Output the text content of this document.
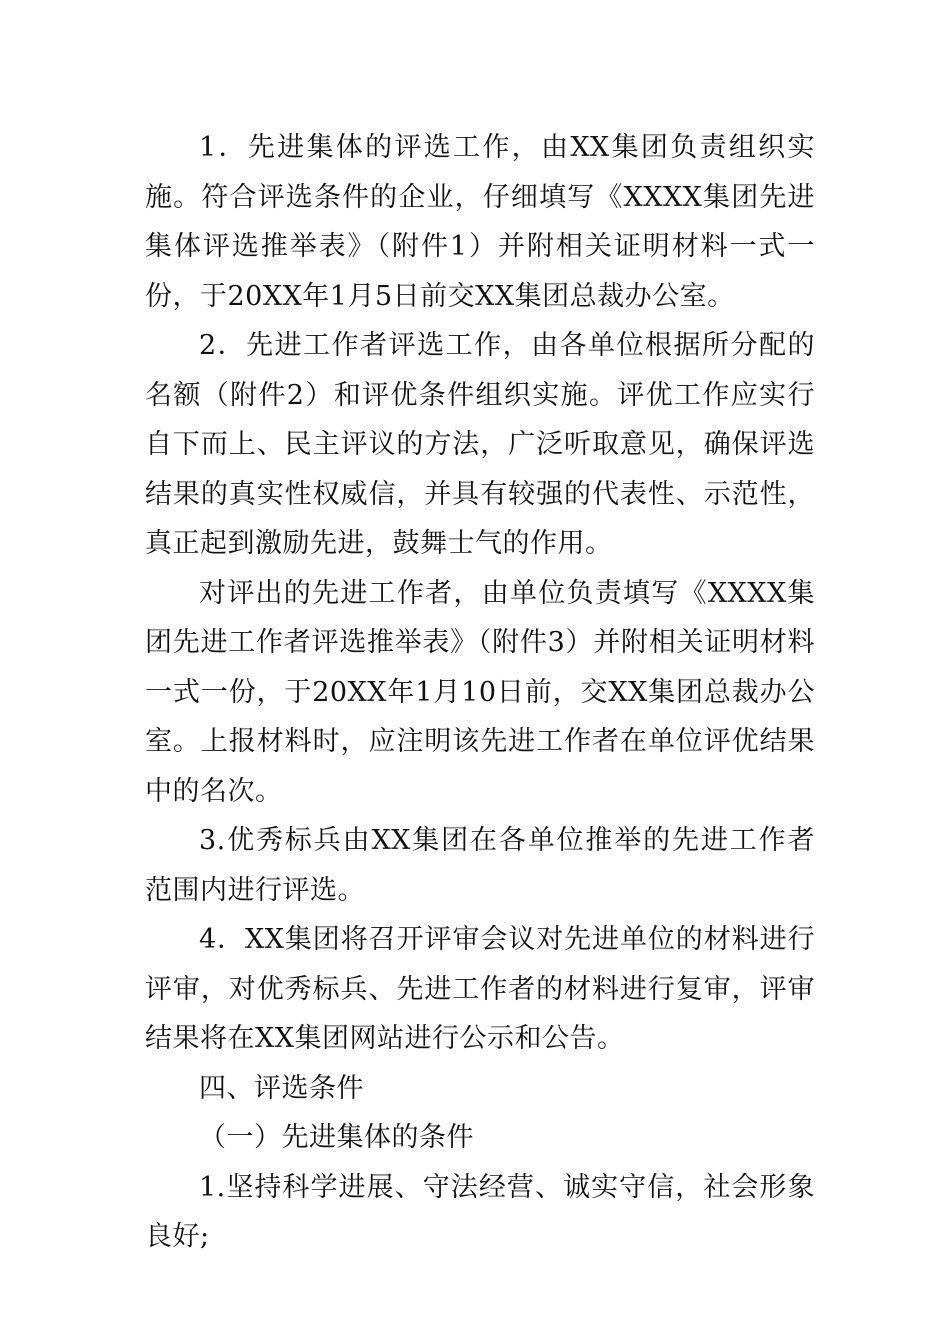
1．先进集体的评选工作，由XX集团负责组织实施。符合评选条件的企业，仔细填写《XXXX集团先进集体评选推举表》（附件1）并附相关证明材料一式一份，于20XX年1月5日前交XX集团总裁办公室。

2．先进工作者评选工作，由各单位根据所分配的名额（附件2）和评优条件组织实施。评优工作应实行自下而上、民主评议的方法，广泛听取意见，确保评选结果的真实性权威信，并具有较强的代表性、示范性，真正起到激励先进，鼓舞士气的作用。

对评出的先进工作者，由单位负责填写《XXXX集团先进工作者评选推举表》（附件3）并附相关证明材料一式一份，于20XX年1月10日前，交XX集团总裁办公室。上报材料时，应注明该先进工作者在单位评优结果中的名次。

3.优秀标兵由XX集团在各单位推举的先进工作者范围内进行评选。

4．XX集团将召开评审会议对先进单位的材料进行评审，对优秀标兵、先进工作者的材料进行复审，评审结果将在XX集团网站进行公示和公告。

四、评选条件

（一）先进集体的条件

1.坚持科学进展、守法经营、诚实守信，社会形象良好;
